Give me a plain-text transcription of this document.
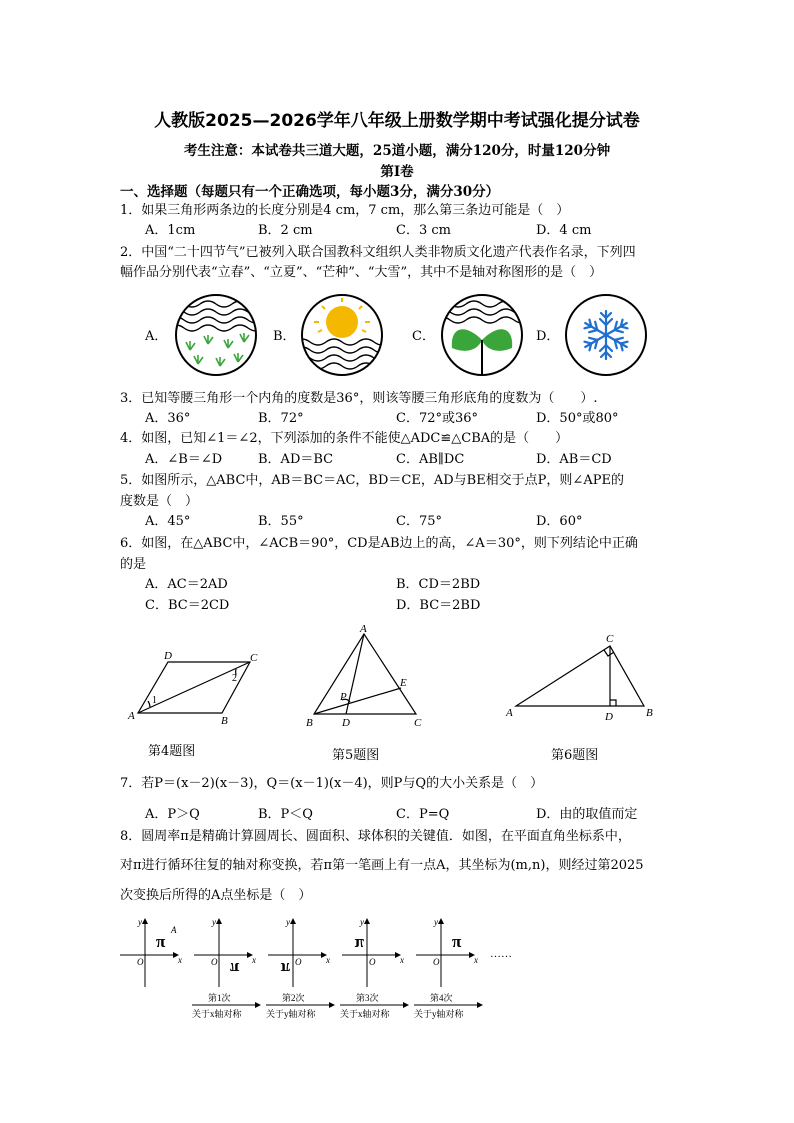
人教版2025—2026学年八年级上册数学期中考试强化提分试卷
考生注意：本试卷共三道大题，25道小题，满分120分，时量120分钟
第Ⅰ卷
一、选择题（每题只有一个正确选项，每小题3分，满分30分）
1．如果三角形两条边的长度分别是4 cm，7 cm，那么第三条边可能是（　）
A．1cm	B．2 cm	C．3 cm	D．4 cm
2．中国“二十四节气”已被列入联合国教科文组织人类非物质文化遗产代表作名录，下列四
幅作品分别代表“立春”、“立夏”、“芒种”、“大雪”，其中不是轴对称图形的是（　）
A．	B．	C．	D．
3．已知等腰三角形一个内角的度数是36°，则该等腰三角形底角的度数为（　　）.
A．36°	B．72°	C．72°或36°	D．50°或80°
4．如图，已知∠1＝∠2，下列添加的条件不能使△ADC≌△CBA的是（　　）
A．∠B＝∠D	B．AD＝BC	C．AB∥DC	D．AB＝CD
5．如图所示，△ABC中，AB＝BC＝AC，BD＝CE，AD与BE相交于点P，则∠APE的
度数是（　）
A．45°	B．55°	C．75°	D．60°
6．如图，在△ABC中，∠ACB＝90°，CD是AB边上的高，∠A＝30°，则下列结论中正确
的是
A．AC＝2AD	B．CD＝2BD
C．BC＝2CD	D．BC＝2BD
D	C
A	B
1
2
A
E
P
B	D	C
C
A	D	B
第4题图	第5题图	第6题图
7．若P＝(x－2)(x－3)，Q＝(x－1)(x－4)，则P与Q的大小关系是（　）
A．P＞Q	B．P＜Q	C．P=Q	D．由的取值而定
8．圆周率π是精确计算圆周长、圆面积、球体积的关键值．如图，在平面直角坐标系中，
对π进行循环往复的轴对称变换，若π第一笔画上有一点A，其坐标为(m,n)，则经过第2025
次变换后所得的A点坐标是（　）
y
x
O
π
A
y
x
O π
y
x
O
π
y
x
O
π
y
x
O
π
……
第1次
关于x轴对称
第2次
关于y轴对称
第3次
关于x轴对称
第4次
关于y轴对称
